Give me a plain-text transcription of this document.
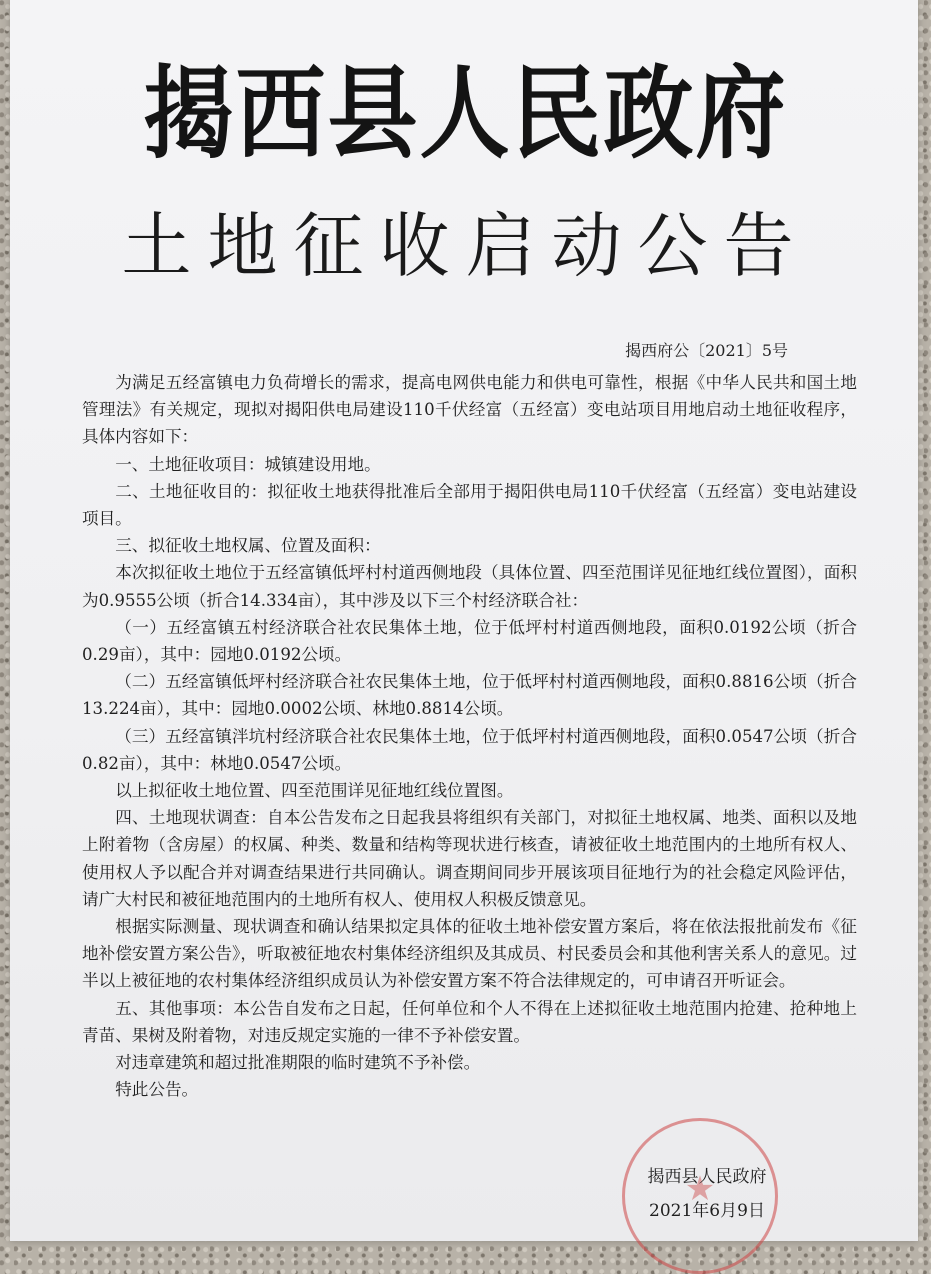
★
揭西县人民政府
土地征收启动公告
揭西府公〔2021〕5号

为满足五经富镇电力负荷增长的需求，提高电网供电能力和供电可靠性，根据《中华人民共和国土地管理法》有关规定，现拟对揭阳供电局建设110千伏经富（五经富）变电站项目用地启动土地征收程序，具体内容如下：

一、土地征收项目：城镇建设用地。

二、土地征收目的：拟征收土地获得批准后全部用于揭阳供电局110千伏经富（五经富）变电站建设项目。

三、拟征收土地权属、位置及面积：

本次拟征收土地位于五经富镇低坪村村道西侧地段（具体位置、四至范围详见征地红线位置图），面积为0.9555公顷（折合14.334亩），其中涉及以下三个村经济联合社：

（一）五经富镇五村经济联合社农民集体土地，位于低坪村村道西侧地段，面积0.0192公顷（折合0.29亩），其中：园地0.0192公顷。

（二）五经富镇低坪村经济联合社农民集体土地，位于低坪村村道西侧地段，面积0.8816公顷（折合13.224亩），其中：园地0.0002公顷、林地0.8814公顷。

（三）五经富镇泮坑村经济联合社农民集体土地，位于低坪村村道西侧地段，面积0.0547公顷（折合0.82亩），其中：林地0.0547公顷。

以上拟征收土地位置、四至范围详见征地红线位置图。

四、土地现状调查：自本公告发布之日起我县将组织有关部门，对拟征土地权属、地类、面积以及地上附着物（含房屋）的权属、种类、数量和结构等现状进行核查，请被征收土地范围内的土地所有权人、使用权人予以配合并对调查结果进行共同确认。调查期间同步开展该项目征地行为的社会稳定风险评估，请广大村民和被征地范围内的土地所有权人、使用权人积极反馈意见。

根据实际测量、现状调查和确认结果拟定具体的征收土地补偿安置方案后，将在依法报批前发布《征地补偿安置方案公告》，听取被征地农村集体经济组织及其成员、村民委员会和其他利害关系人的意见。过半以上被征地的农村集体经济组织成员认为补偿安置方案不符合法律规定的，可申请召开听证会。

五、其他事项：本公告自发布之日起，任何单位和个人不得在上述拟征收土地范围内抢建、抢种地上青苗、果树及附着物，对违反规定实施的一律不予补偿安置。

对违章建筑和超过批准期限的临时建筑不予补偿。

特此公告。

揭西县人民政府
2021年6月9日
